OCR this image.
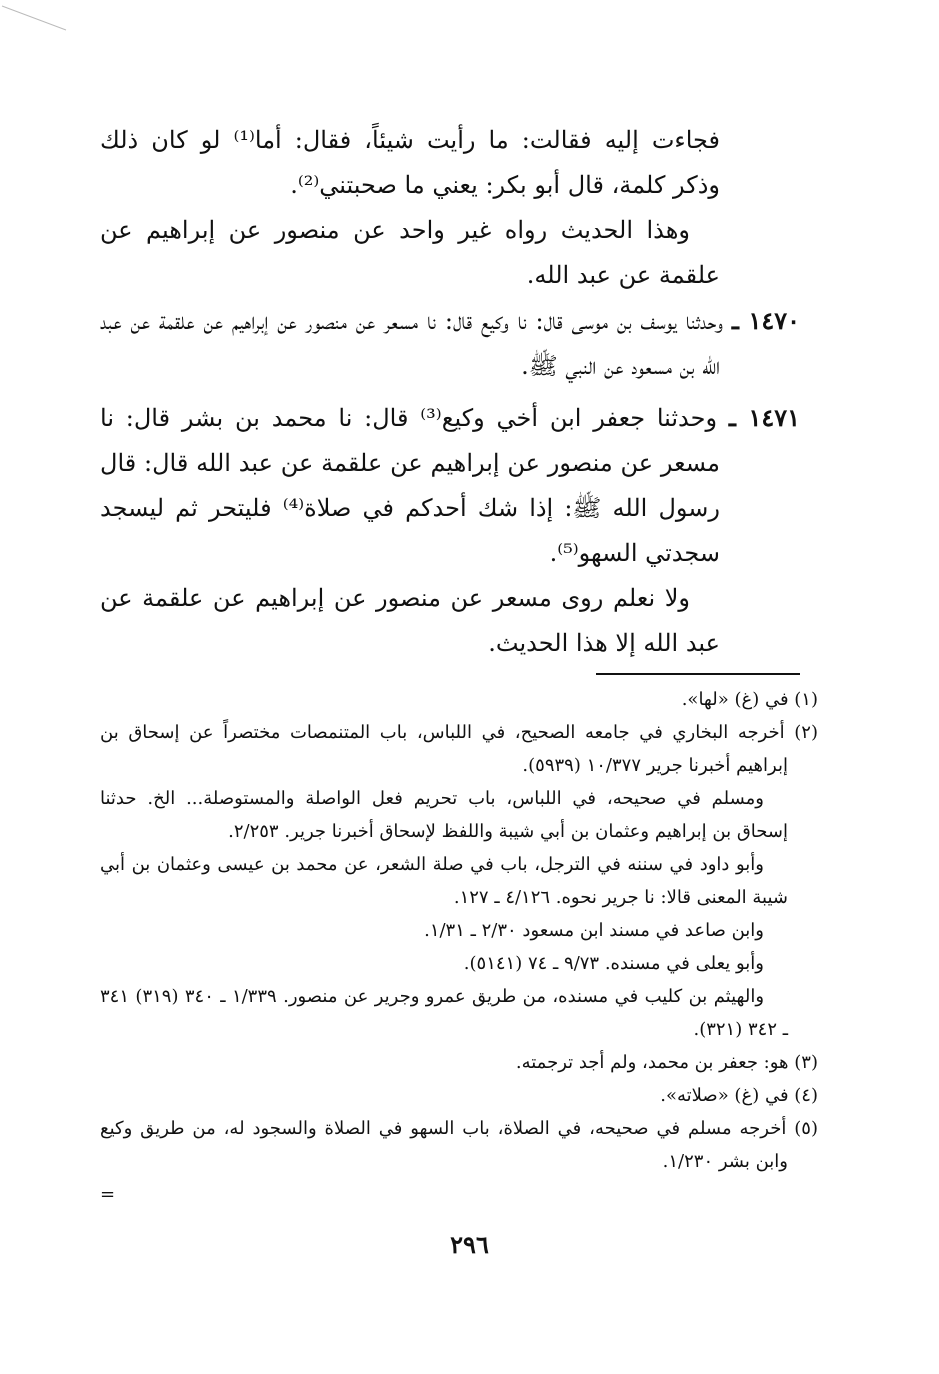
فجاءت إليه فقالت: ما رأيت شيئاً، فقال: أما⁽¹⁾ لو كان ذلك وذكر كلمة، قال أبو بكر: يعني ما صحبتني⁽²⁾.

وهذا الحديث رواه غير واحد عن منصور عن إبراهيم عن علقمة عن عبد الله.

١٤٧٠ ـ وحدثنا يوسف بن موسى قال: نا وكيع قال: نا مسعر عن منصور عن إبراهيم عن علقمة عن عبد الله بن مسعود عن النبي ﷺ.

١٤٧١ ـ وحدثنا جعفر ابن أخي وكيع⁽³⁾ قال: نا محمد بن بشر قال: نا مسعر عن منصور عن إبراهيم عن علقمة عن عبد الله قال: قال رسول الله ﷺ: إذا شك أحدكم في صلاة⁽⁴⁾ فليتحر ثم ليسجد سجدتي السهو⁽⁵⁾.

ولا نعلم روى مسعر عن منصور عن إبراهيم عن علقمة عن عبد الله إلا هذا الحديث.

(١) في (غ) «لها».

(٢) أخرجه البخاري في جامعه الصحيح، في اللباس، باب المتنمصات مختصراً عن إسحاق بن إبراهيم أخبرنا جرير ١٠/٣٧٧ (٥٩٣٩).

ومسلم في صحيحه، في اللباس، باب تحريم فعل الواصلة والمستوصلة... الخ. حدثنا إسحاق بن إبراهيم وعثمان بن أبي شيبة واللفظ لإسحاق أخبرنا جرير. ٢/٢٥٣.

وأبو داود في سننه في الترجل، باب في صلة الشعر، عن محمد بن عيسى وعثمان بن أبي شيبة المعنى قالا: نا جرير نحوه. ٤/١٢٦ ـ ١٢٧.

وابن صاعد في مسند ابن مسعود ٢/٣٠ ـ ١/٣١.

وأبو يعلى في مسنده. ٩/٧٣ ـ ٧٤ (٥١٤١).

والهيثم بن كليب في مسنده، من طريق عمرو وجرير عن منصور. ١/٣٣٩ ـ ٣٤٠ (٣١٩) ٣٤١ ـ ٣٤٢ (٣٢١).

(٣) هو: جعفر بن محمد، ولم أجد ترجمته.

(٤) في (غ) «صلاته».

(٥) أخرجه مسلم في صحيحه، في الصلاة، باب السهو في الصلاة والسجود له، من طريق وكيع وابن بشر ١/٢٣٠.

=

٢٩٦
